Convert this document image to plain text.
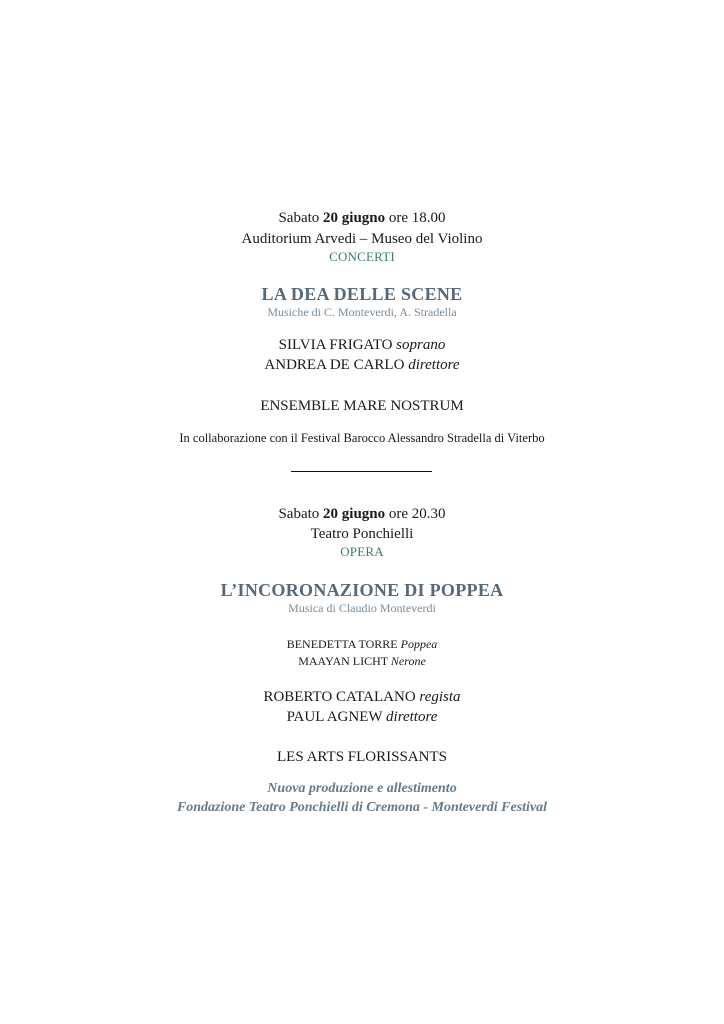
Sabato 20 giugno ore 18.00
Auditorium Arvedi – Museo del Violino
CONCERTI
LA DEA DELLE SCENE
Musiche di C. Monteverdi, A. Stradella
SILVIA FRIGATO soprano
ANDREA DE CARLO direttore
ENSEMBLE MARE NOSTRUM
In collaborazione con il Festival Barocco Alessandro Stradella di Viterbo
Sabato 20 giugno ore 20.30
Teatro Ponchielli
OPERA
L’INCORONAZIONE DI POPPEA
Musica di Claudio Monteverdi
BENEDETTA TORRE Poppea
MAAYAN LICHT Nerone
ROBERTO CATALANO regista
PAUL AGNEW direttore
LES ARTS FLORISSANTS
Nuova produzione e allestimento
Fondazione Teatro Ponchielli di Cremona - Monteverdi Festival
